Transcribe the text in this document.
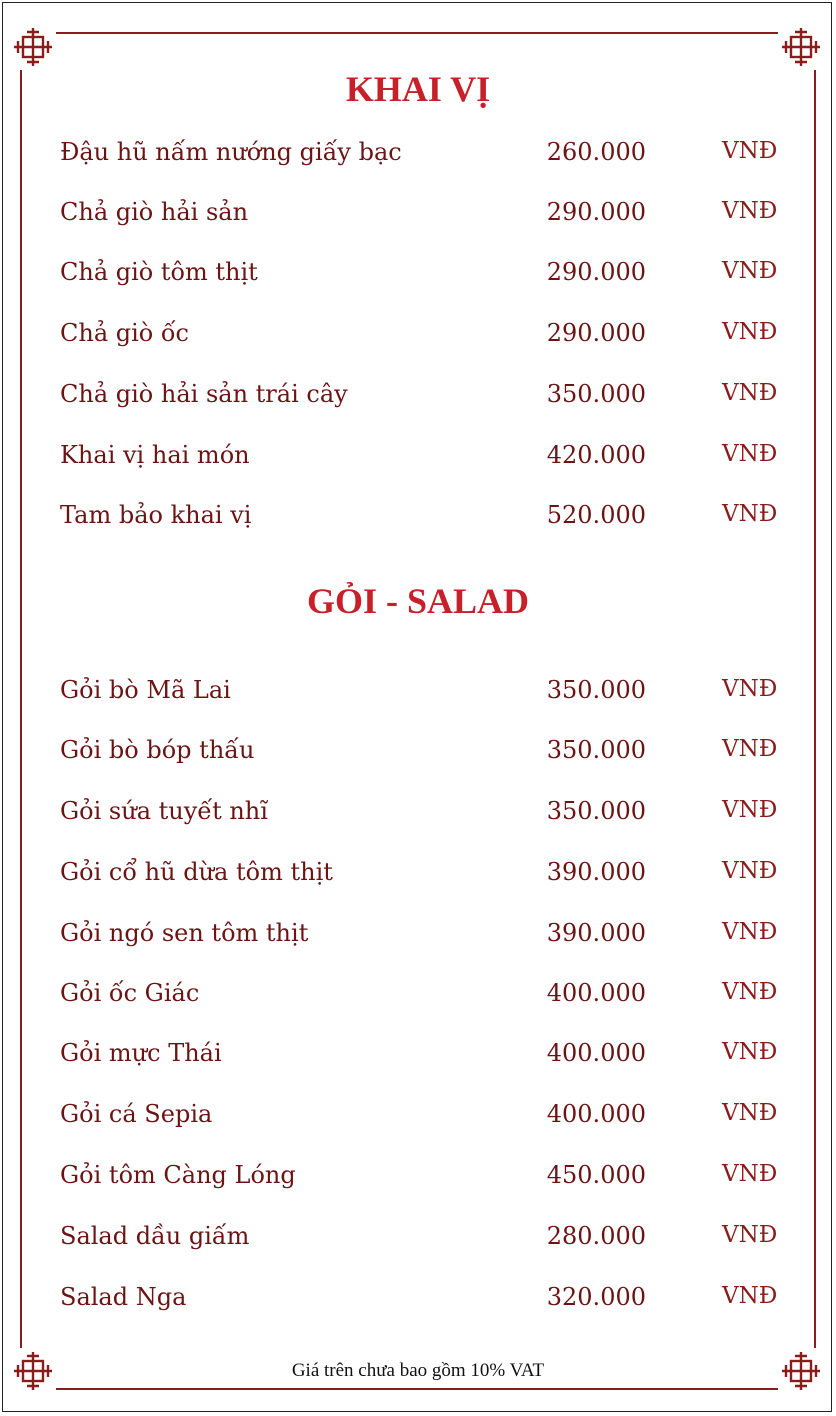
KHAI VỊ
Đậu hũ nấm nướng giấy bạc	260.000	VNĐ
Chả giò hải sản	290.000	VNĐ
Chả giò tôm thịt	290.000	VNĐ
Chả giò ốc	290.000	VNĐ
Chả giò hải sản trái cây	350.000	VNĐ
Khai vị hai món	420.000	VNĐ
Tam bảo khai vị	520.000	VNĐ
GỎI - SALAD
Gỏi bò Mã Lai	350.000	VNĐ
Gỏi bò bóp thấu	350.000	VNĐ
Gỏi sứa tuyết nhĩ	350.000	VNĐ
Gỏi cổ hũ dừa tôm thịt	390.000	VNĐ
Gỏi ngó sen tôm thịt	390.000	VNĐ
Gỏi ốc Giác	400.000	VNĐ
Gỏi mực Thái	400.000	VNĐ
Gỏi cá Sepia	400.000	VNĐ
Gỏi tôm Càng Lóng	450.000	VNĐ
Salad dầu giấm	280.000	VNĐ
Salad Nga	320.000	VNĐ
Giá trên chưa bao gồm 10% VAT
